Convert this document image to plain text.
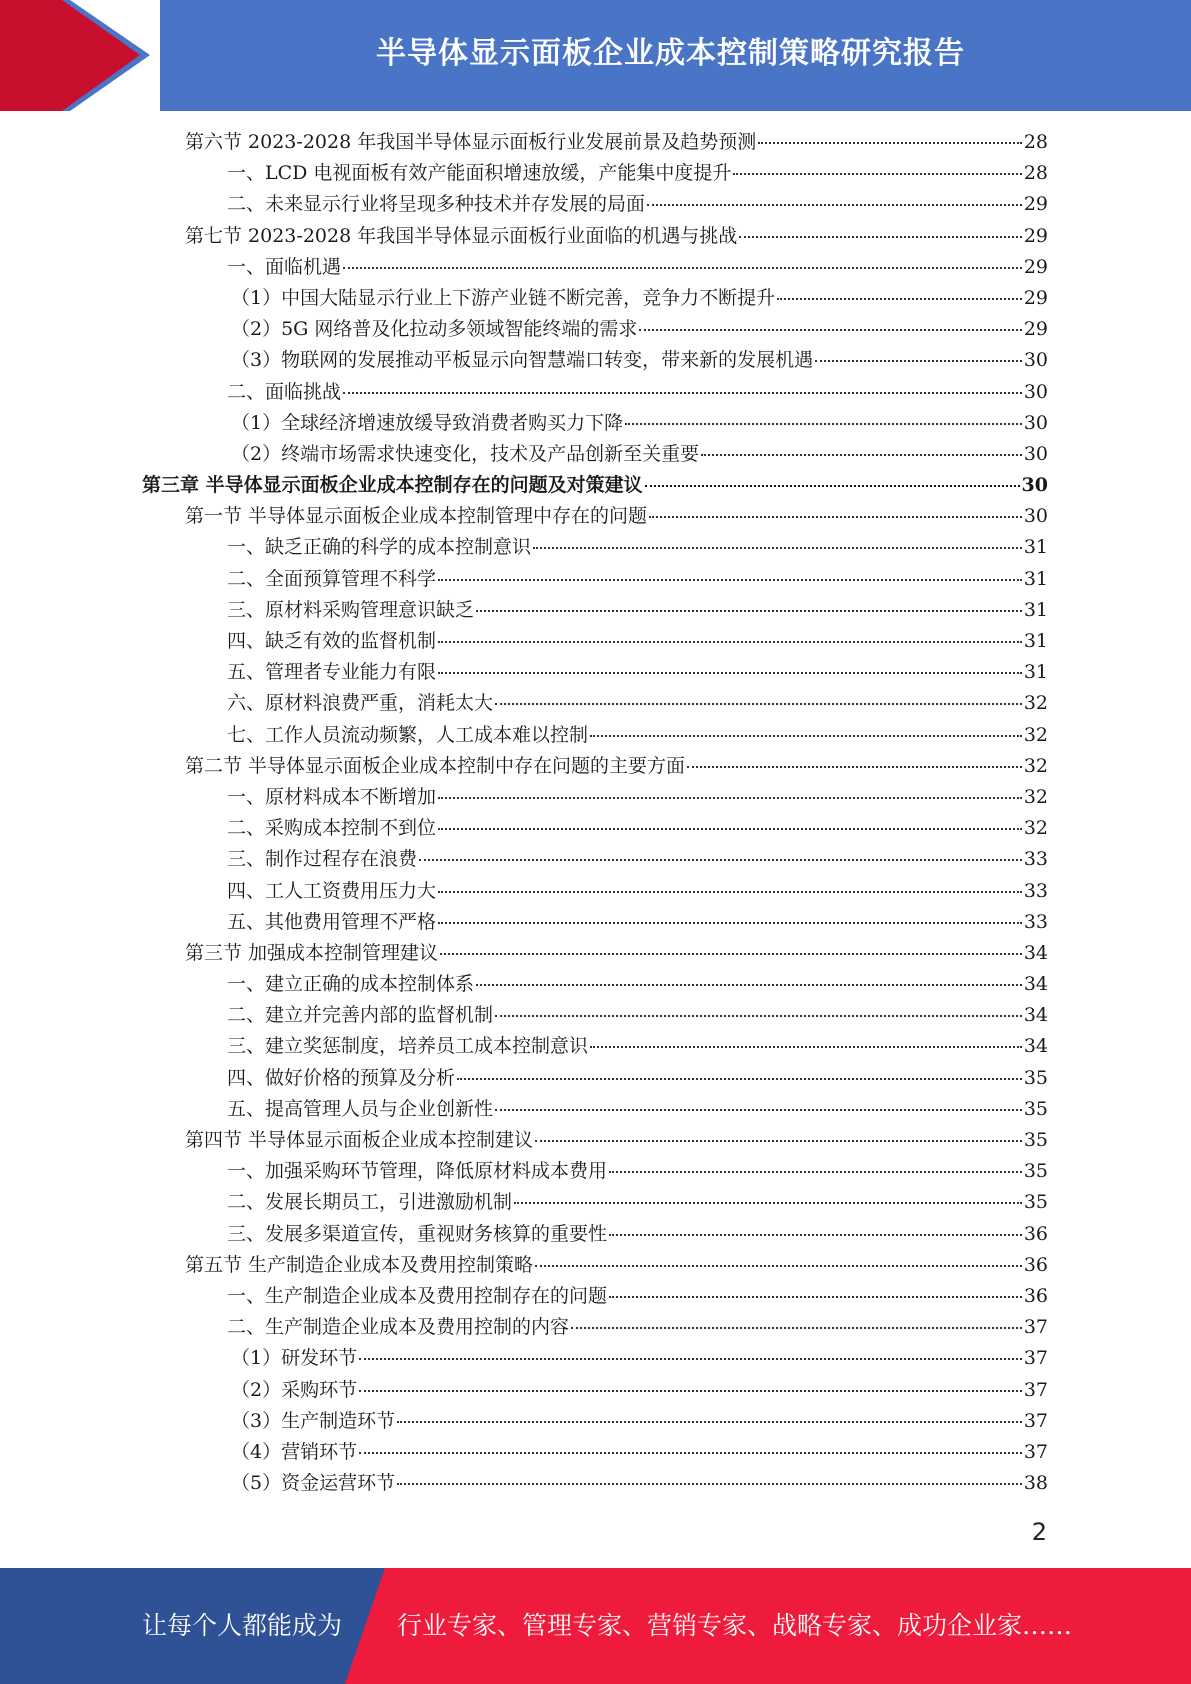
半导体显示面板企业成本控制策略研究报告
第六节 2023-2028 年我国半导体显示面板行业发展前景及趋势预测	28
一、LCD 电视面板有效产能面积增速放缓，产能集中度提升	28
二、未来显示行业将呈现多种技术并存发展的局面	29
第七节 2023-2028 年我国半导体显示面板行业面临的机遇与挑战	29
一、面临机遇	29
（1）中国大陆显示行业上下游产业链不断完善，竞争力不断提升	29
（2）5G 网络普及化拉动多领域智能终端的需求	29
（3）物联网的发展推动平板显示向智慧端口转变，带来新的发展机遇	30
二、面临挑战	30
（1）全球经济增速放缓导致消费者购买力下降	30
（2）终端市场需求快速变化，技术及产品创新至关重要	30
第三章 半导体显示面板企业成本控制存在的问题及对策建议	30
第一节 半导体显示面板企业成本控制管理中存在的问题	30
一、缺乏正确的科学的成本控制意识	31
二、全面预算管理不科学	31
三、原材料采购管理意识缺乏	31
四、缺乏有效的监督机制	31
五、管理者专业能力有限	31
六、原材料浪费严重，消耗太大	32
七、工作人员流动频繁，人工成本难以控制	32
第二节 半导体显示面板企业成本控制中存在问题的主要方面	32
一、原材料成本不断增加	32
二、采购成本控制不到位	32
三、制作过程存在浪费	33
四、工人工资费用压力大	33
五、其他费用管理不严格	33
第三节 加强成本控制管理建议	34
一、建立正确的成本控制体系	34
二、建立并完善内部的监督机制	34
三、建立奖惩制度，培养员工成本控制意识	34
四、做好价格的预算及分析	35
五、提高管理人员与企业创新性	35
第四节 半导体显示面板企业成本控制建议	35
一、加强采购环节管理，降低原材料成本费用	35
二、发展长期员工，引进激励机制	35
三、发展多渠道宣传，重视财务核算的重要性	36
第五节 生产制造企业成本及费用控制策略	36
一、生产制造企业成本及费用控制存在的问题	36
二、生产制造企业成本及费用控制的内容	37
（1）研发环节	37
（2）采购环节	37
（3）生产制造环节	37
（4）营销环节	37
（5）资金运营环节	38
2
让每个人都能成为 行业专家、管理专家、营销专家、战略专家、成功企业家……
